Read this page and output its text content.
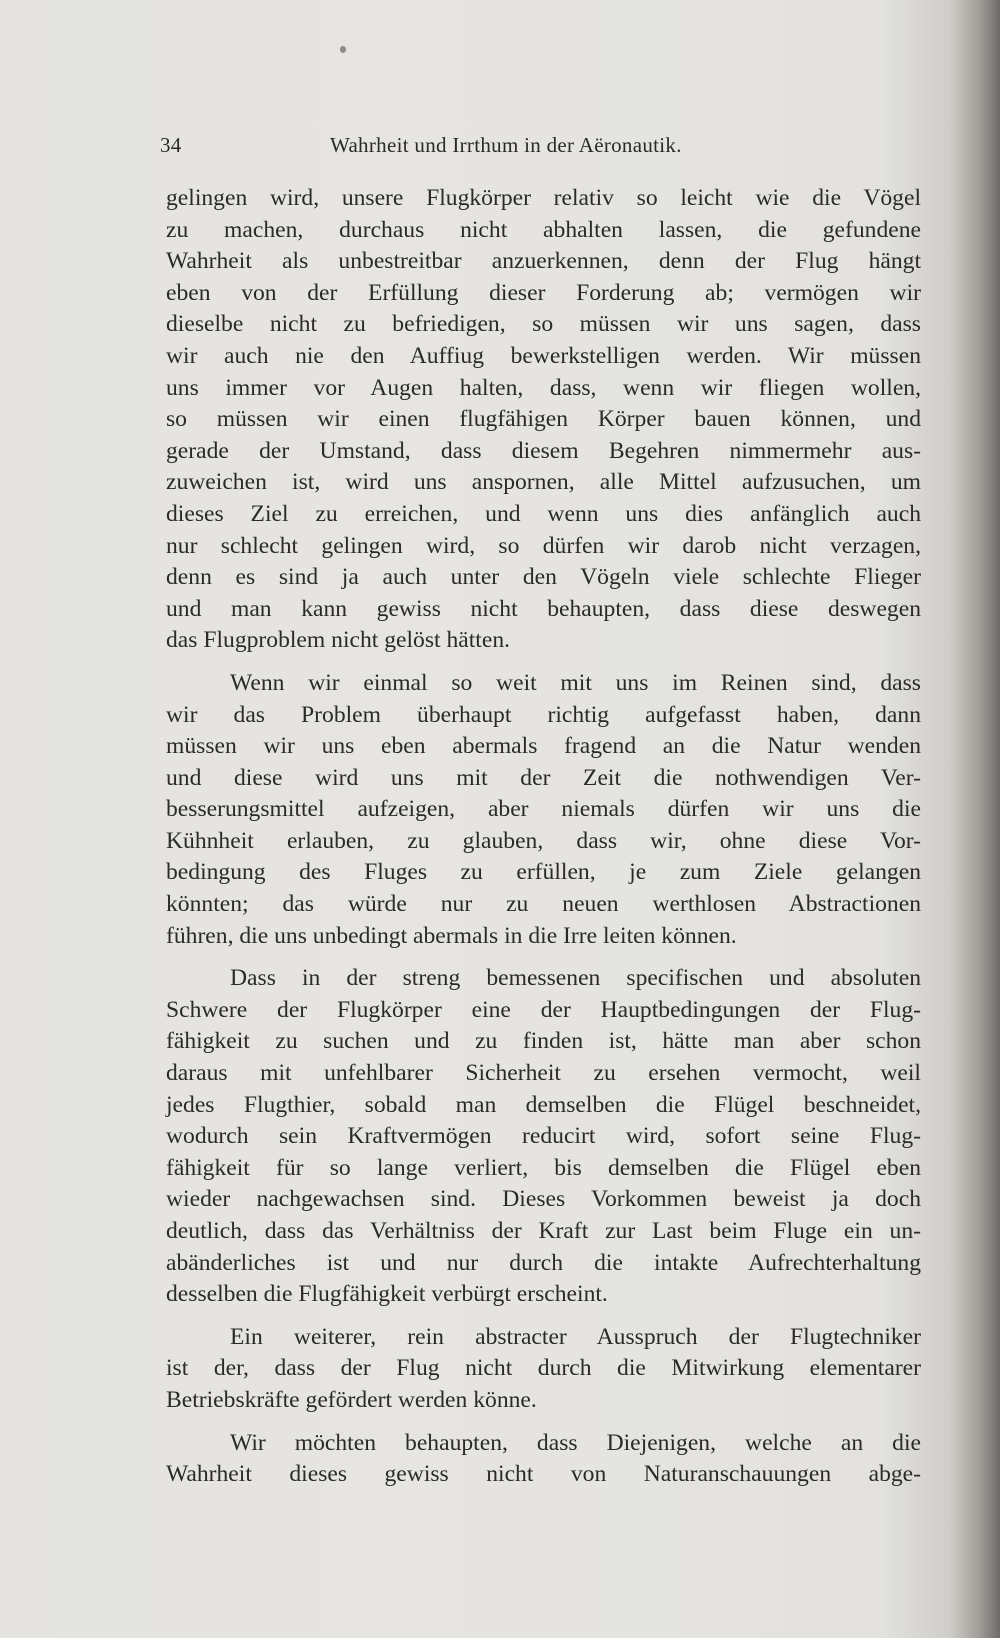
34	Wahrheit und Irrthum in der Aëronautik.
gelingen wird, unsere Flugkörper relativ so leicht wie die Vögel
zu machen, durchaus nicht abhalten lassen, die gefundene
Wahrheit als unbestreitbar anzuerkennen, denn der Flug hängt
eben von der Erfüllung dieser Forderung ab; vermögen wir
dieselbe nicht zu befriedigen, so müssen wir uns sagen, dass
wir auch nie den Auffiug bewerkstelligen werden. Wir müssen
uns immer vor Augen halten, dass, wenn wir fliegen wollen,
so müssen wir einen flugfähigen Körper bauen können, und
gerade der Umstand, dass diesem Begehren nimmermehr aus-
zuweichen ist, wird uns anspornen, alle Mittel aufzusuchen, um
dieses Ziel zu erreichen, und wenn uns dies anfänglich auch
nur schlecht gelingen wird, so dürfen wir darob nicht verzagen,
denn es sind ja auch unter den Vögeln viele schlechte Flieger
und man kann gewiss nicht behaupten, dass diese deswegen
das Flugproblem nicht gelöst hätten.
Wenn wir einmal so weit mit uns im Reinen sind, dass
wir das Problem überhaupt richtig aufgefasst haben, dann
müssen wir uns eben abermals fragend an die Natur wenden
und diese wird uns mit der Zeit die nothwendigen Ver-
besserungsmittel aufzeigen, aber niemals dürfen wir uns die
Kühnheit erlauben, zu glauben, dass wir, ohne diese Vor-
bedingung des Fluges zu erfüllen, je zum Ziele gelangen
könnten; das würde nur zu neuen werthlosen Abstractionen
führen, die uns unbedingt abermals in die Irre leiten können.
Dass in der streng bemessenen specifischen und absoluten
Schwere der Flugkörper eine der Hauptbedingungen der Flug-
fähigkeit zu suchen und zu finden ist, hätte man aber schon
daraus mit unfehlbarer Sicherheit zu ersehen vermocht, weil
jedes Flugthier, sobald man demselben die Flügel beschneidet,
wodurch sein Kraftvermögen reducirt wird, sofort seine Flug-
fähigkeit für so lange verliert, bis demselben die Flügel eben
wieder nachgewachsen sind. Dieses Vorkommen beweist ja doch
deutlich, dass das Verhältniss der Kraft zur Last beim Fluge ein un-
abänderliches ist und nur durch die intakte Aufrechterhaltung
desselben die Flugfähigkeit verbürgt erscheint.
Ein weiterer, rein abstracter Ausspruch der Flugtechniker
ist der, dass der Flug nicht durch die Mitwirkung elementarer
Betriebskräfte gefördert werden könne.
Wir möchten behaupten, dass Diejenigen, welche an die
Wahrheit dieses gewiss nicht von Naturanschauungen abge-
